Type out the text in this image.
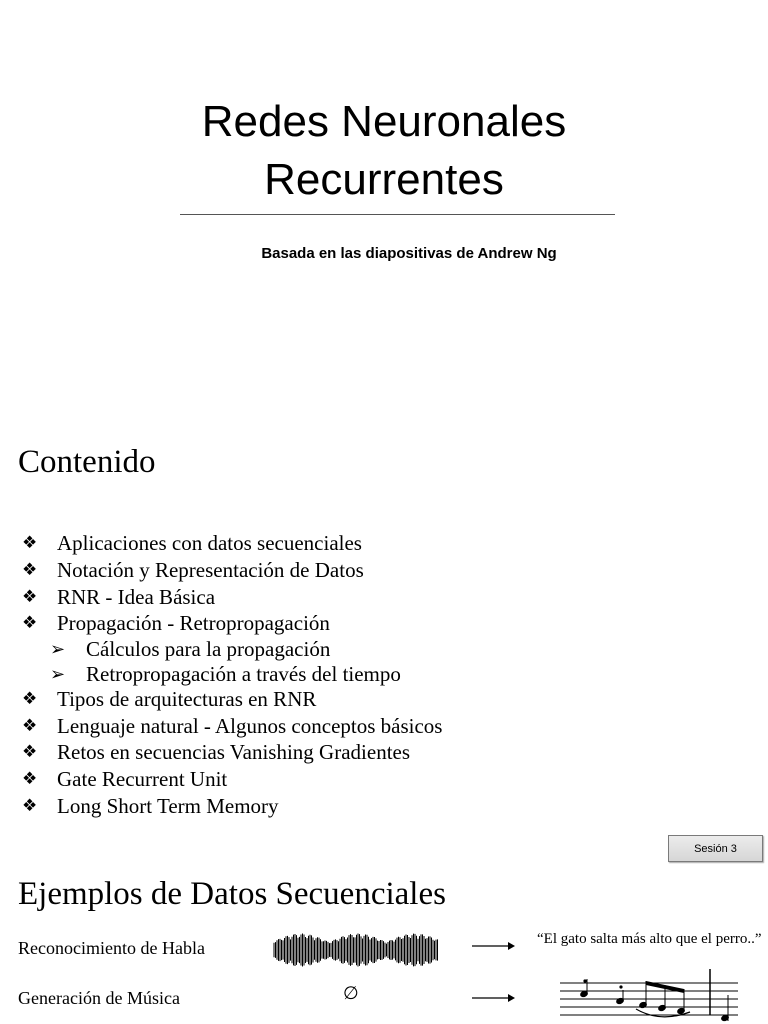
Redes Neuronales
Recurrentes
Basada en las diapositivas de Andrew Ng
Contenido
❖ Aplicaciones con datos secuenciales
❖ Notación y Representación de Datos
❖ RNR - Idea Básica
❖ Propagación - Retropropagación
➢ Cálculos para la propagación
➢ Retropropagación a través del tiempo
❖ Tipos de arquitecturas en RNR
❖ Lenguaje natural - Algunos conceptos básicos
❖ Retos en secuencias Vanishing Gradientes
❖ Gate Recurrent Unit
❖ Long Short Term Memory
Sesión 3
Ejemplos de Datos Secuenciales
Reconocimiento de Habla	“El gato salta más alto que el perro..”
Generación de Música	∅
